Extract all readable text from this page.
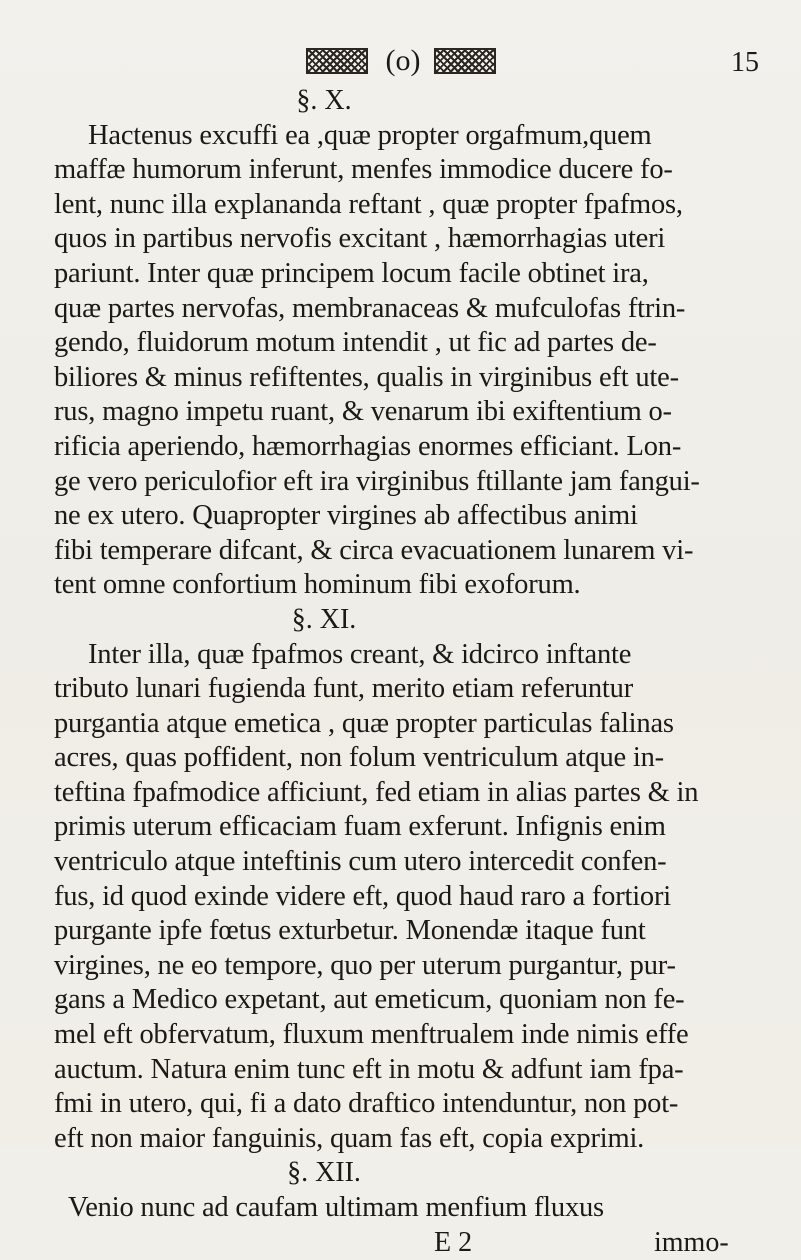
(o)	15
§. X.
Hactenus excuffi ea ,quæ propter orgafmum,quem
maffæ humorum inferunt, menfes immodice ducere fo-
lent, nunc illa explananda reftant , quæ propter fpafmos,
quos in partibus nervofis excitant , hæmorrhagias uteri
pariunt. Inter quæ principem locum facile obtinet ira,
quæ partes nervofas, membranaceas & mufculofas ftrin-
gendo, fluidorum motum intendit , ut fic ad partes de-
biliores & minus refiftentes, qualis in virginibus eft ute-
rus, magno impetu ruant, & venarum ibi exiftentium o-
rificia aperiendo, hæmorrhagias enormes efficiant. Lon-
ge vero periculofior eft ira virginibus ftillante jam fangui-
ne ex utero. Quapropter virgines ab affectibus animi
fibi temperare difcant, & circa evacuationem lunarem vi-
tent omne confortium hominum fibi exoforum.
§. XI.
Inter illa, quæ fpafmos creant, & idcirco inftante
tributo lunari fugienda funt, merito etiam referuntur
purgantia atque emetica , quæ propter particulas falinas
acres, quas poffident, non folum ventriculum atque in-
teftina fpafmodice afficiunt, fed etiam in alias partes & in
primis uterum efficaciam fuam exferunt. Infignis enim
ventriculo atque inteftinis cum utero intercedit confen-
fus, id quod exinde videre eft, quod haud raro a fortiori
purgante ipfe fœtus exturbetur. Monendæ itaque funt
virgines, ne eo tempore, quo per uterum purgantur, pur-
gans a Medico expetant, aut emeticum, quoniam non fe-
mel eft obfervatum, fluxum menftrualem inde nimis effe
auctum. Natura enim tunc eft in motu & adfunt iam fpa-
fmi in utero, qui, fi a dato draftico intenduntur, non pot-
eft non maior fanguinis, quam fas eft, copia exprimi.
§. XII.
Venio nunc ad caufam ultimam menfium fluxus
E 2	immo-
